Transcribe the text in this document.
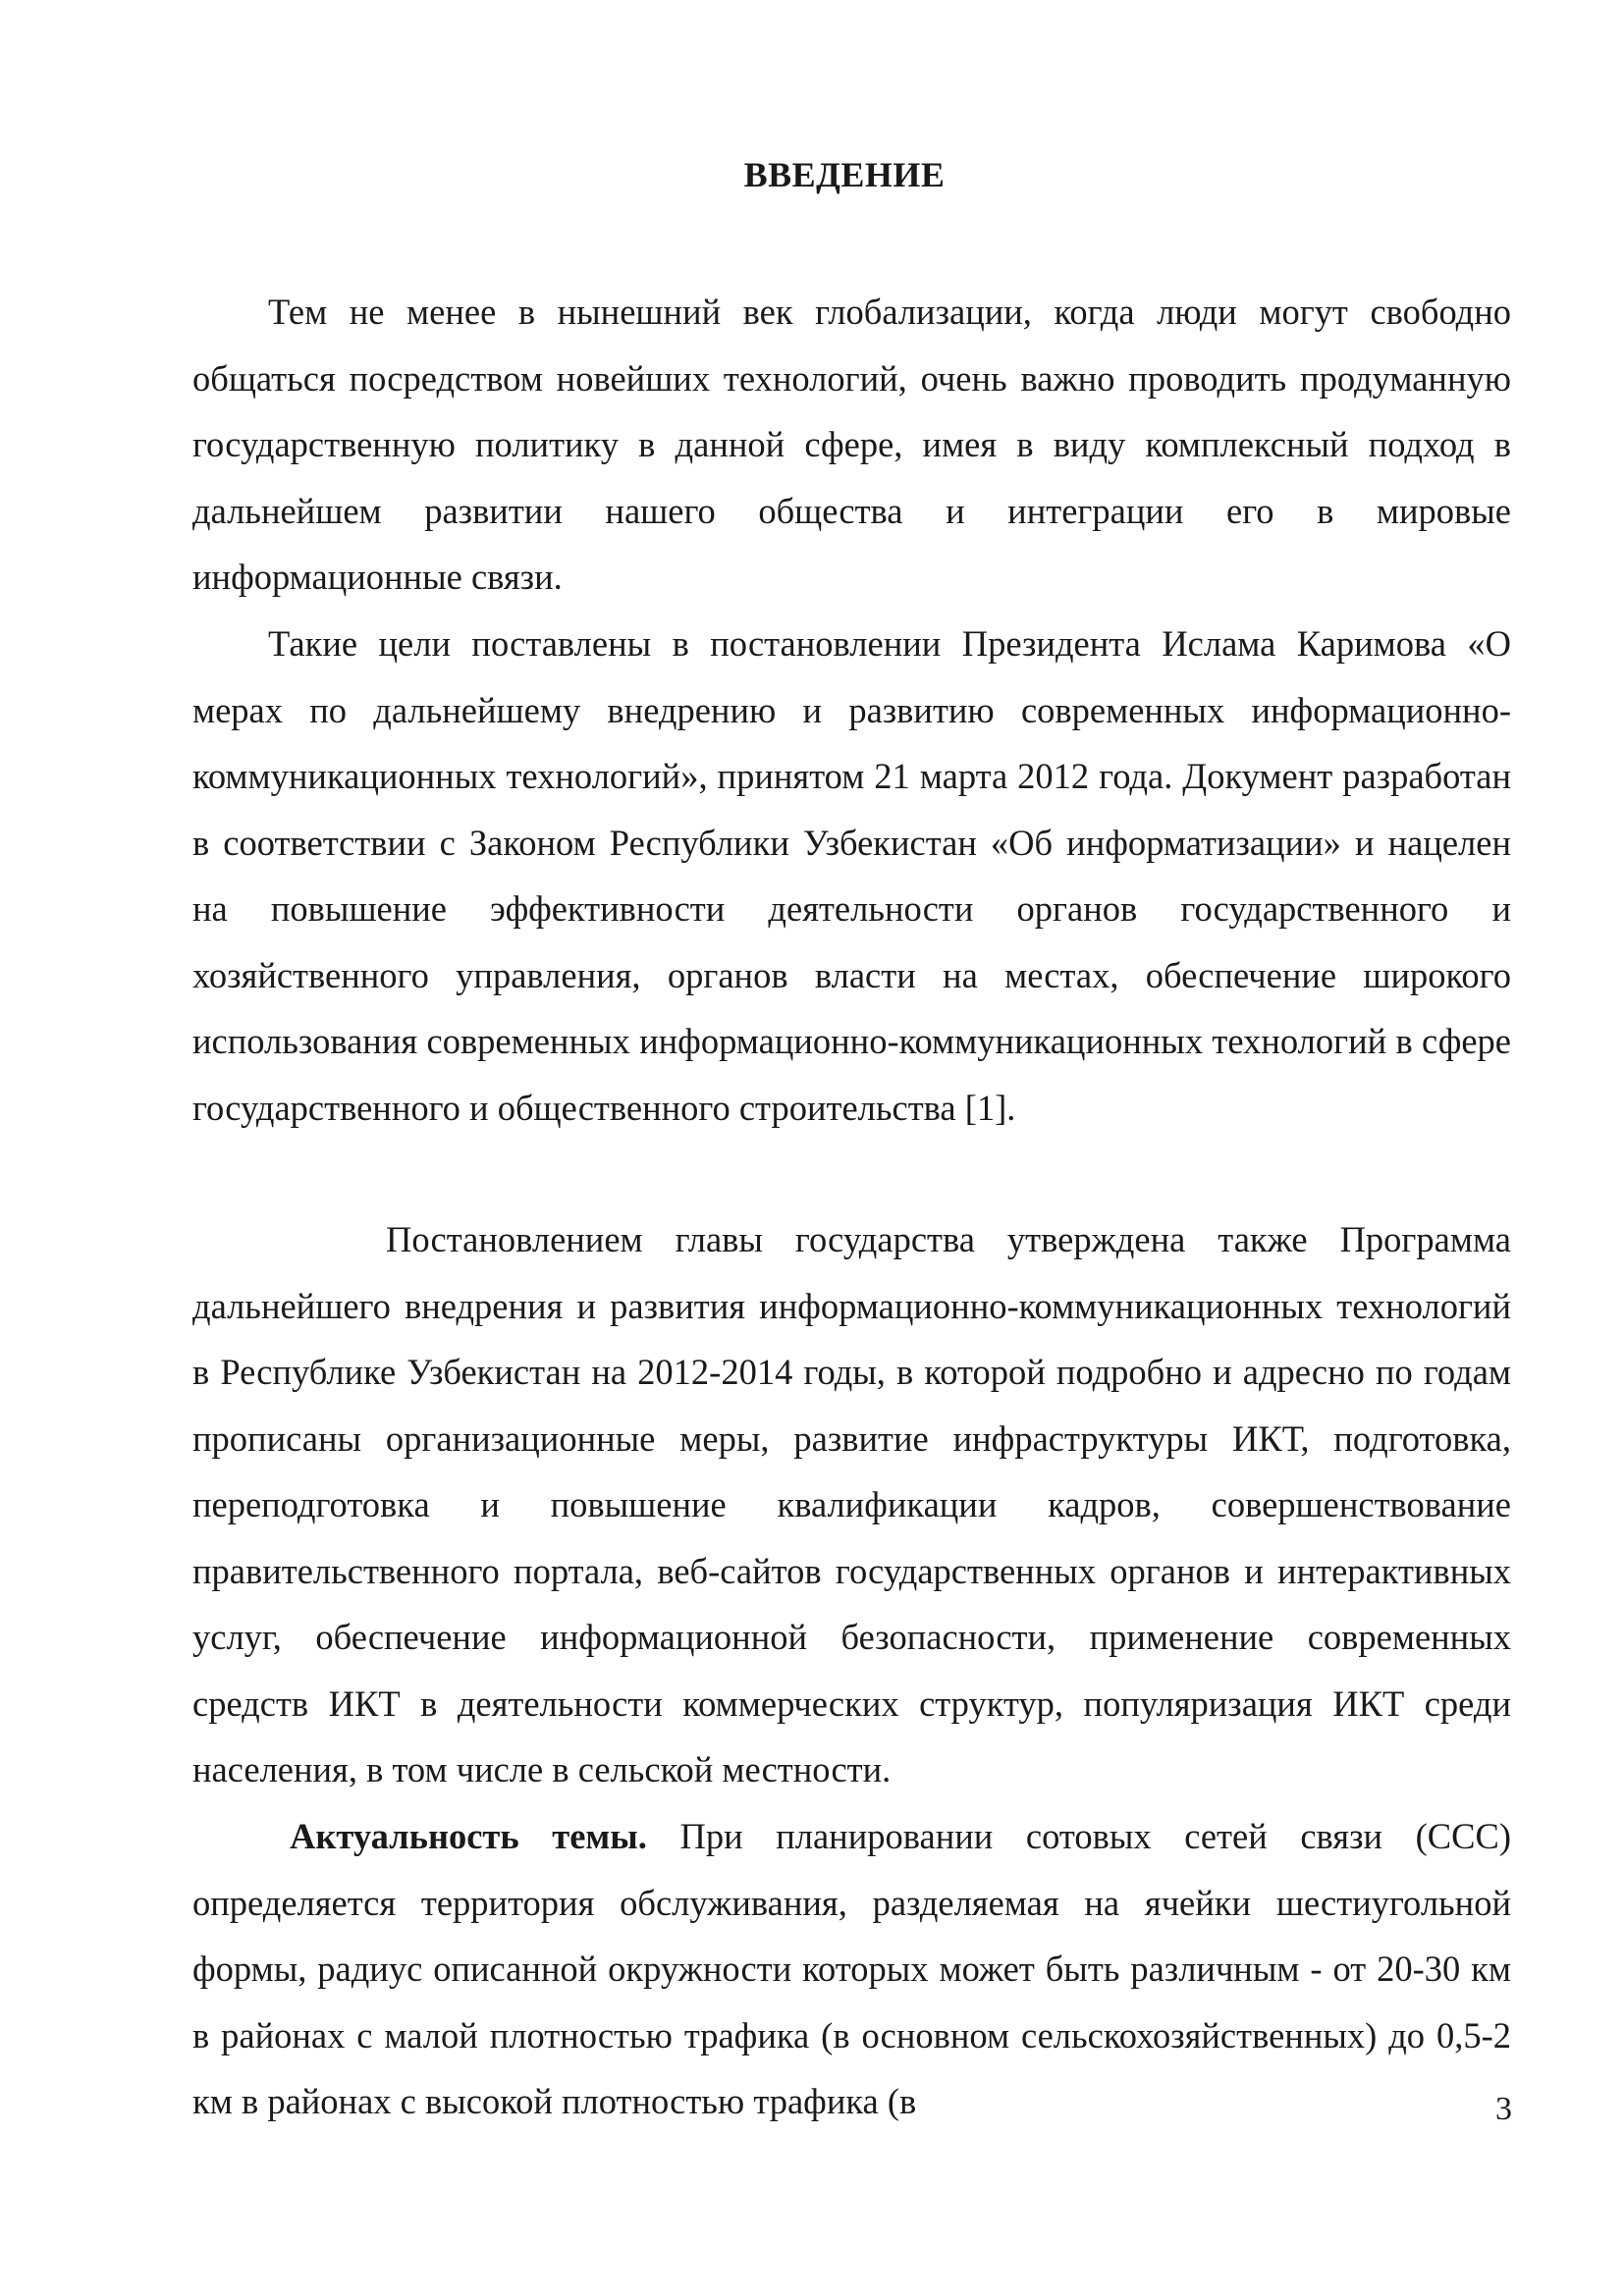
ВВЕДЕНИЕ

Тем не менее в нынешний век глобализации, когда люди могут свободно общаться посредством новейших технологий, очень важно проводить продуманную государственную политику в данной сфере, имея в виду комплексный подход в дальнейшем развитии нашего общества и интеграции его в мировые информационные связи.

Такие цели поставлены в постановлении Президента Ислама Каримова «О мерах по дальнейшему внедрению и развитию современных информационно-коммуникационных технологий», принятом 21 марта 2012 года. Документ разработан в соответствии с Законом Республики Узбекистан «Об информатизации» и нацелен на повышение эффективности деятельности органов государственного и хозяйственного управления, органов власти на местах, обеспечение широкого использования современных информационно-коммуникационных технологий в сфере государственного и общественного строительства [1].

Постановлением главы государства утверждена также Программа дальнейшего внедрения и развития информационно-коммуникационных технологий в Республике Узбекистан на 2012-2014 годы, в которой подробно и адресно по годам прописаны организационные меры, развитие инфраструктуры ИКТ, подготовка, переподготовка и повышение квалификации кадров, совершенствование правительственного портала, веб-сайтов государственных органов и интерактивных услуг, обеспечение информационной безопасности, применение современных средств ИКТ в деятельности коммерческих структур, популяризация ИКТ среди населения, в том числе в сельской местности.

Актуальность темы. При планировании сотовых сетей связи (ССС) определяется территория обслуживания, разделяемая на ячейки шестиугольной формы, радиус описанной окружности которых может быть различным - от 20-30 км в районах с малой плотностью трафика (в основном сельскохозяйственных) до 0,5-2 км в районах с высокой плотностью трафика (в	3
